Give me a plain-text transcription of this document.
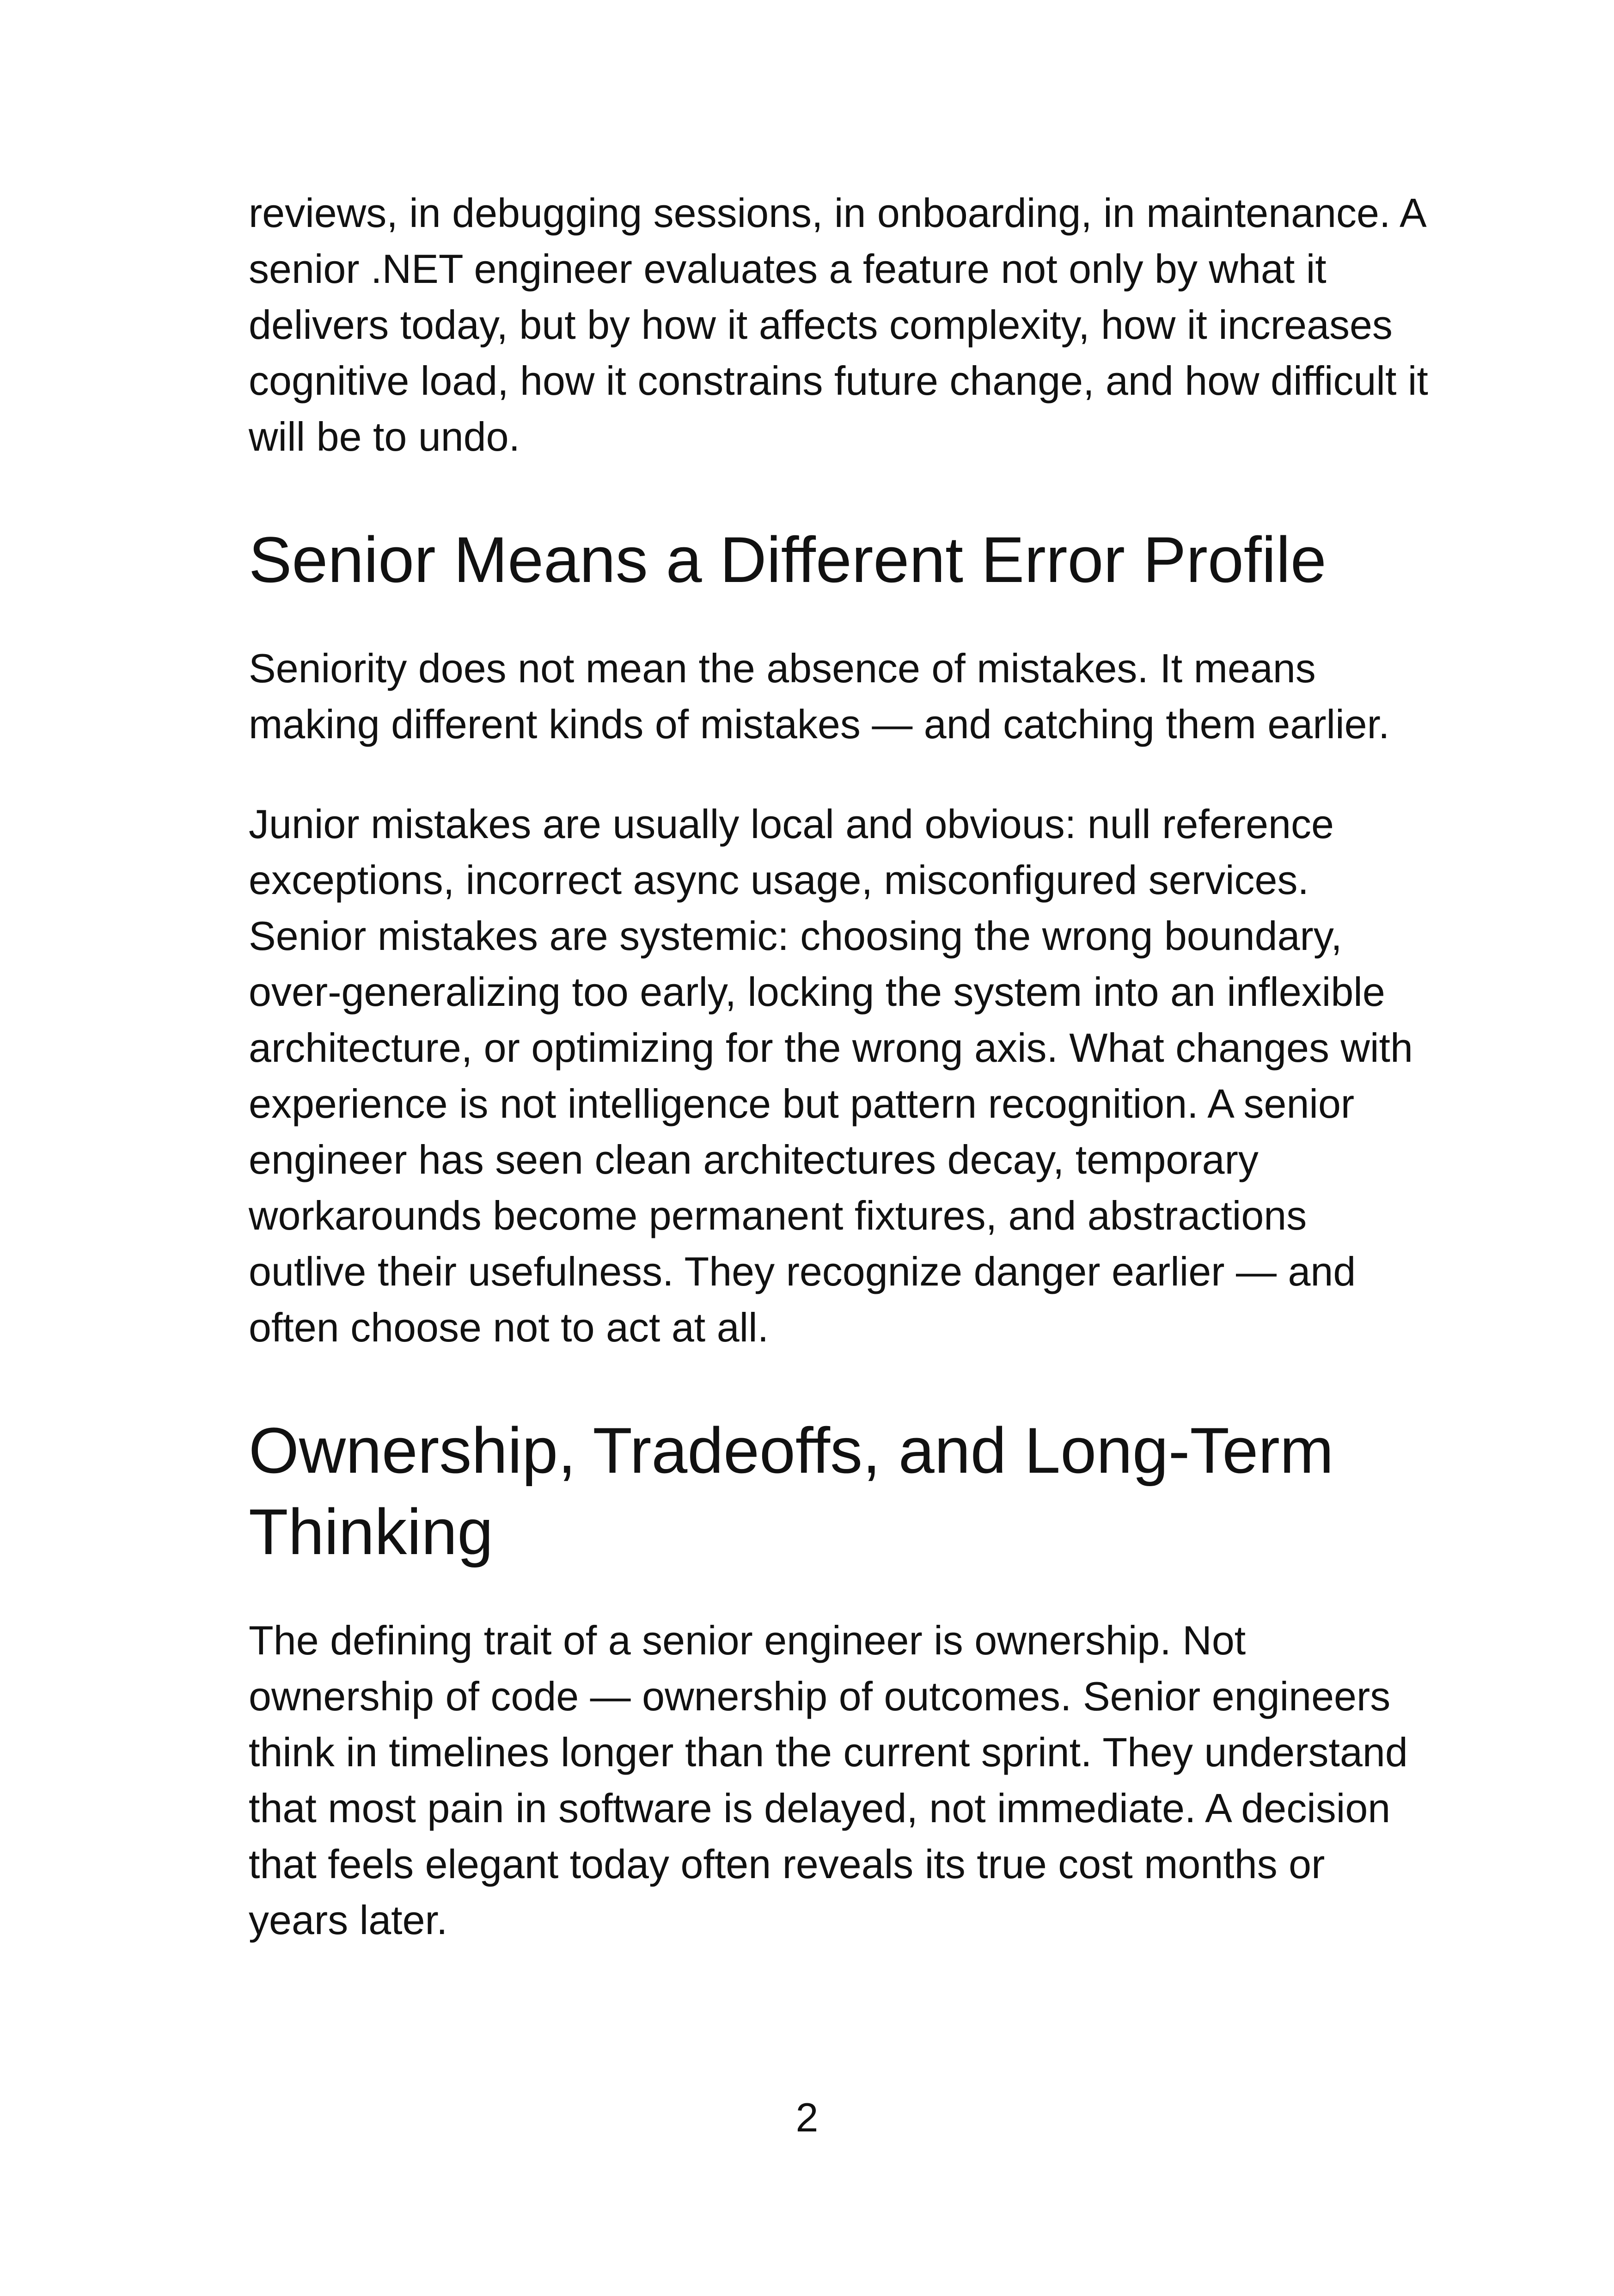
reviews, in debugging sessions, in onboarding, in maintenance. A senior .NET engineer evaluates a feature not only by what it delivers today, but by how it affects complexity, how it increases cognitive load, how it constrains future change, and how difficult it will be to undo.

Senior Means a Different Error Profile

Seniority does not mean the absence of mistakes. It means making different kinds of mistakes — and catching them earlier.

Junior mistakes are usually local and obvious: null reference exceptions, incorrect async usage, misconfigured services. Senior mistakes are systemic: choosing the wrong boundary, over-generalizing too early, locking the system into an inflexible architecture, or optimizing for the wrong axis. What changes with experience is not intelligence but pattern recognition. A senior engineer has seen clean architectures decay, temporary workarounds become permanent fixtures, and abstractions outlive their usefulness. They recognize danger earlier — and often choose not to act at all.

Ownership, Tradeoffs, and Long-Term Thinking

The defining trait of a senior engineer is ownership. Not ownership of code — ownership of outcomes. Senior engineers think in timelines longer than the current sprint. They understand that most pain in software is delayed, not immediate. A decision that feels elegant today often reveals its true cost months or years later.

2
